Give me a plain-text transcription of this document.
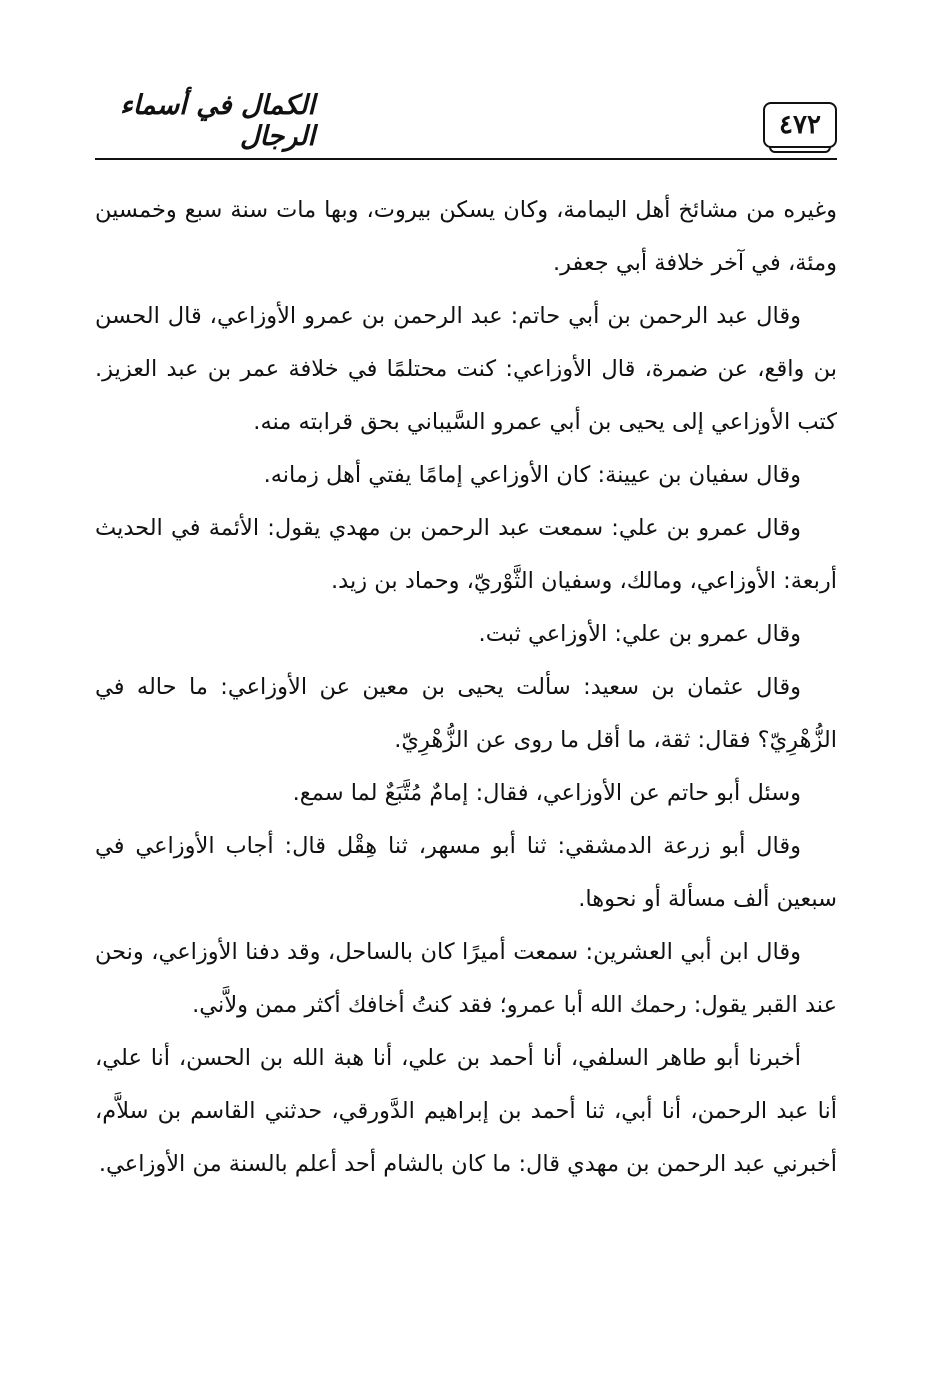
٤٧٢
الكمال في أسماء الرجال

وغيره من مشائخ أهل اليمامة، وكان يسكن بيروت، وبها مات سنة سبع وخمسين ومئة، في آخر خلافة أبي جعفر.

وقال عبد الرحمن بن أبي حاتم: عبد الرحمن بن عمرو الأوزاعي، قال الحسن بن واقع، عن ضمرة، قال الأوزاعي: كنت محتلمًا في خلافة عمر بن عبد العزيز. كتب الأوزاعي إلى يحيى بن أبي عمرو السَّيباني بحق قرابته منه.

وقال سفيان بن عيينة: كان الأوزاعي إمامًا يفتي أهل زمانه.

وقال عمرو بن علي: سمعت عبد الرحمن بن مهدي يقول: الأئمة في الحديث أربعة: الأوزاعي، ومالك، وسفيان الثَّوْريّ، وحماد بن زيد.

وقال عمرو بن علي: الأوزاعي ثبت.

وقال عثمان بن سعيد: سألت يحيى بن معين عن الأوزاعي: ما حاله في الزُّهْرِيّ؟ فقال: ثقة، ما أقل ما روى عن الزُّهْرِيّ.

وسئل أبو حاتم عن الأوزاعي، فقال: إمامٌ مُتَّبَعٌ لما سمع.

وقال أبو زرعة الدمشقي: ثنا أبو مسهر، ثنا هِقْل قال: أجاب الأوزاعي في سبعين ألف مسألة أو نحوها.

وقال ابن أبي العشرين: سمعت أميرًا كان بالساحل، وقد دفنا الأوزاعي، ونحن عند القبر يقول: رحمك الله أبا عمرو؛ فقد كنتُ أخافك أكثر ممن ولاَّني.

أخبرنا أبو طاهر السلفي، أنا أحمد بن علي، أنا هبة الله بن الحسن، أنا علي، أنا عبد الرحمن، أنا أبي، ثنا أحمد بن إبراهيم الدَّورقي، حدثني القاسم بن سلاَّم، أخبرني عبد الرحمن بن مهدي قال: ما كان بالشام أحد أعلم بالسنة من الأوزاعي.
